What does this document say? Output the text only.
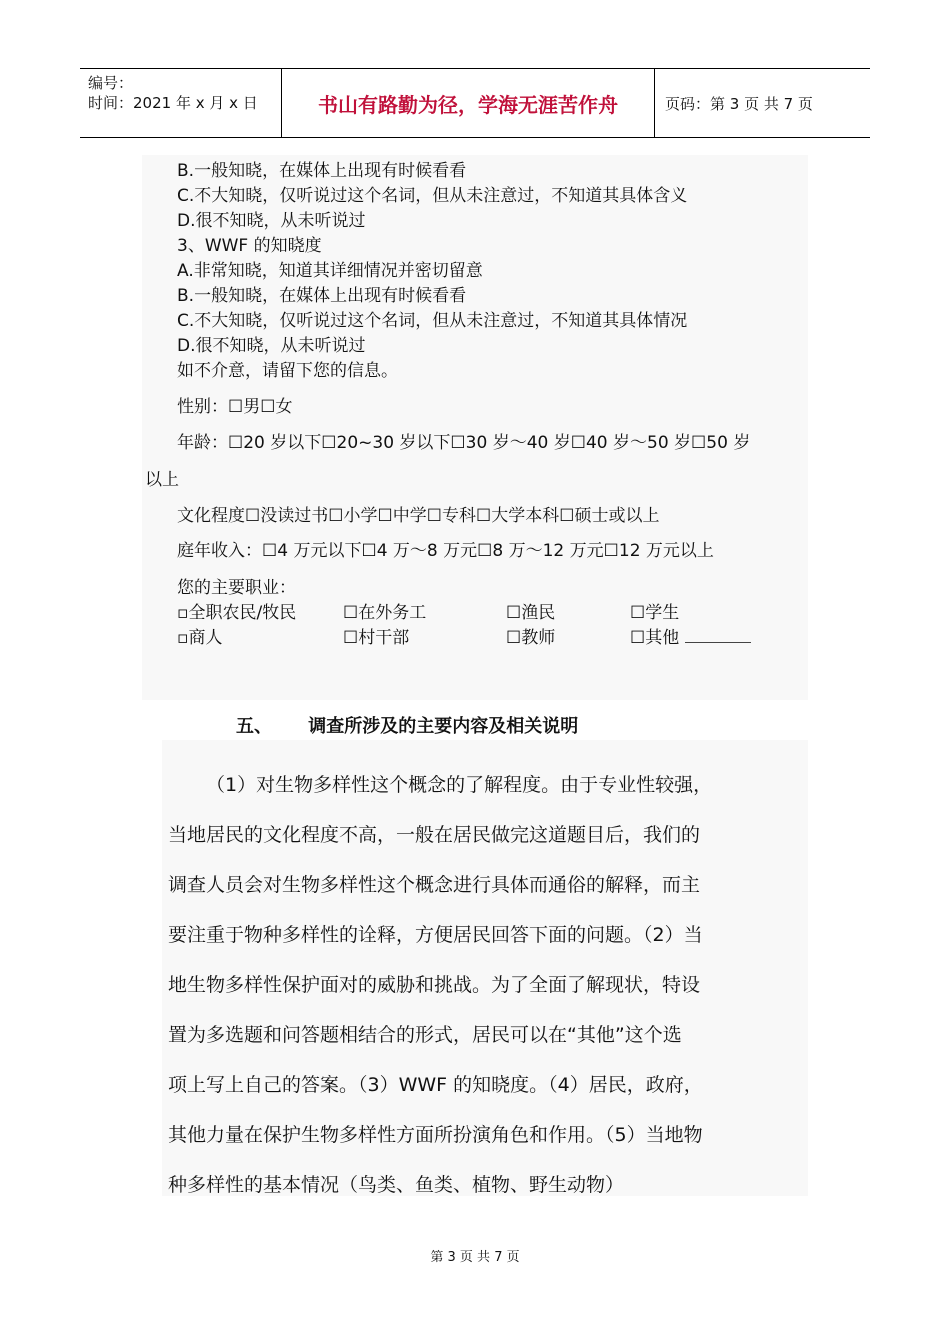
编号：
时间：2021 年 x 月 x 日	书山有路勤为径，学海无涯苦作舟	页码：第 3 页 共 7 页
B.一般知晓，在媒体上出现有时候看看
C.不大知晓，仅听说过这个名词，但从未注意过，不知道其具体含义
D.很不知晓，从未听说过
3、WWF 的知晓度
A.非常知晓，知道其详细情况并密切留意
B.一般知晓，在媒体上出现有时候看看
C.不大知晓，仅听说过这个名词，但从未注意过，不知道其具体情况
D.很不知晓，从未听说过
如不介意，请留下您的信息。
性别：☐男☐女
年龄：☐20 岁以下☐20~30 岁以下☐30 岁～40 岁☐40 岁～50 岁☐50 岁
以上
文化程度☐没读过书☐小学☐中学☐专科☐大学本科☐硕士或以上
庭年收入：☐4 万元以下☐4 万～8 万元☐8 万～12 万元☐12 万元以上
您的主要职业：
▫全职农民/牧民	☐在外务工	☐渔民	☐学生
▫商人	☐村干部	☐教师	☐其他
五、 调查所涉及的主要内容及相关说明
（1）对生物多样性这个概念的了解程度。由于专业性较强，
当地居民的文化程度不高，一般在居民做完这道题目后，我们的
调查人员会对生物多样性这个概念进行具体而通俗的解释，而主
要注重于物种多样性的诠释，方便居民回答下面的问题。（2）当
地生物多样性保护面对的威胁和挑战。为了全面了解现状，特设
置为多选题和问答题相结合的形式，居民可以在“其他”这个选
项上写上自己的答案。（3）WWF 的知晓度。（4）居民，政府，
其他力量在保护生物多样性方面所扮演角色和作用。（5）当地物
种多样性的基本情况（鸟类、鱼类、植物、野生动物）
第 3 页 共 7 页
